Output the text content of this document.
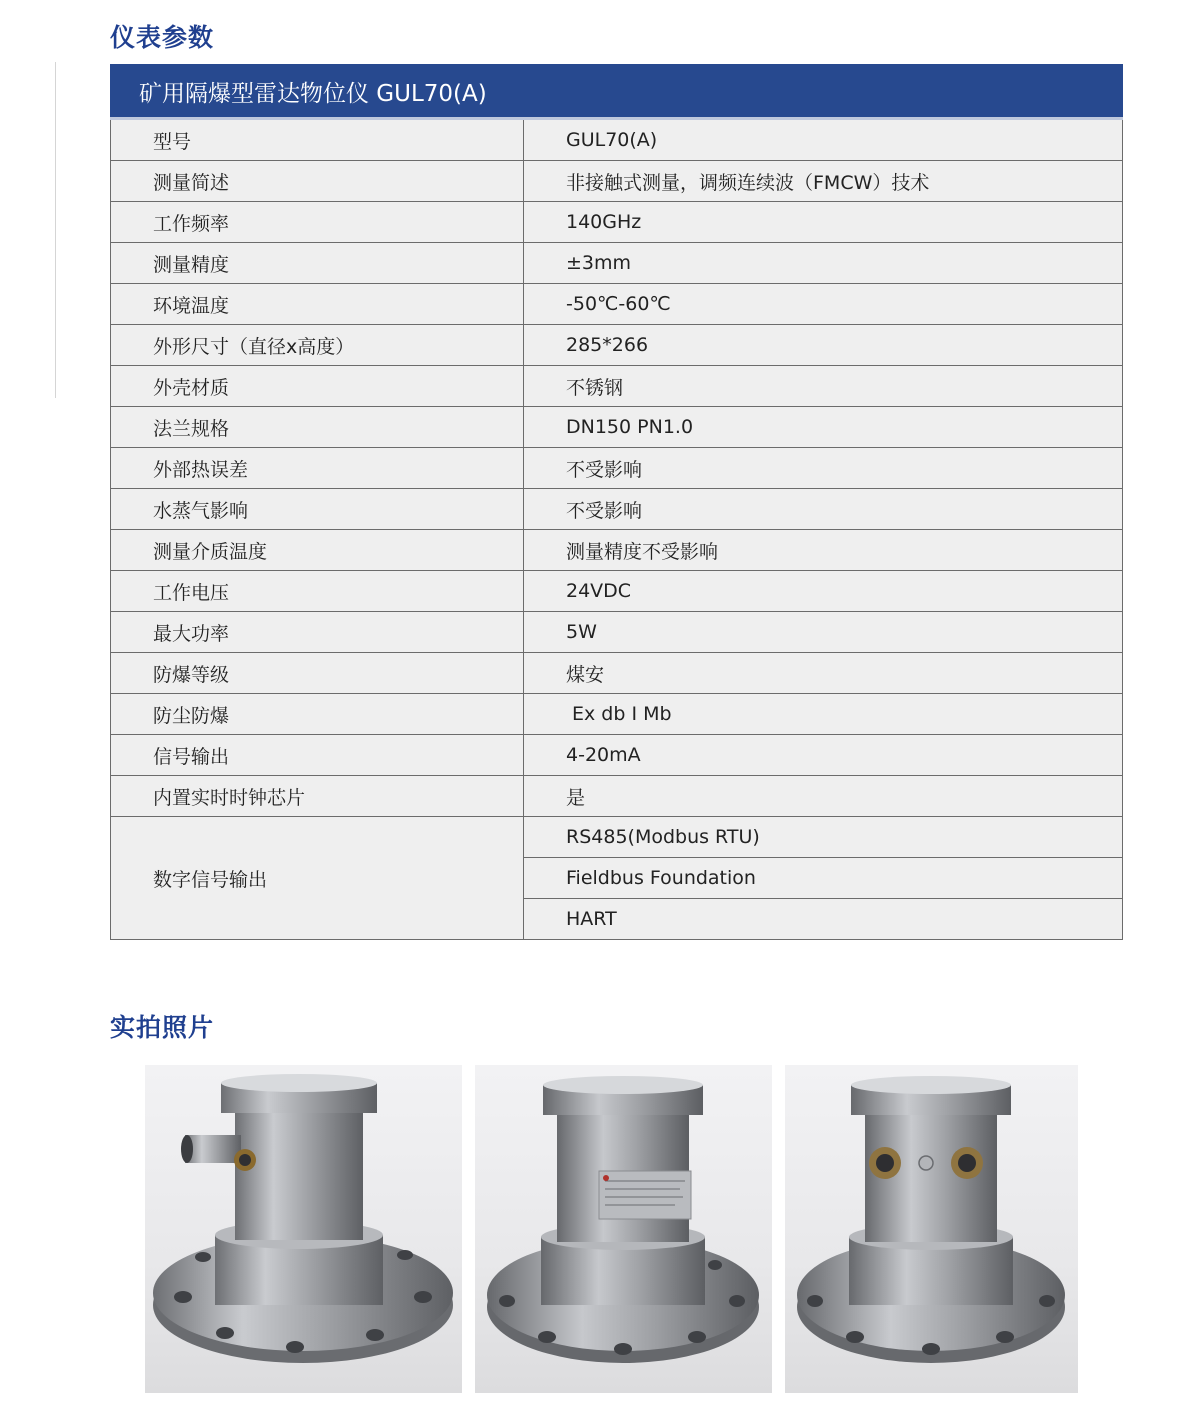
仪表参数
矿用隔爆型雷达物位仪 GUL70(A)	
型号	GUL70(A)
测量简述	非接触式测量，调频连续波（FMCW）技术
工作频率	140GHz
测量精度	±3mm
环境温度	-50℃-60℃
外形尺寸（直径x高度）	285*266
外壳材质	不锈钢
法兰规格	DN150 PN1.0
外部热误差	不受影响
水蒸气影响	不受影响
测量介质温度	测量精度不受影响
工作电压	24VDC
最大功率	5W
防爆等级	煤安
防尘防爆	Ex db I Mb
信号输出	4-20mA
内置实时时钟芯片	是
数字信号输出	RS485(Modbus RTU)
	Fieldbus Foundation
	HART
实拍照片
